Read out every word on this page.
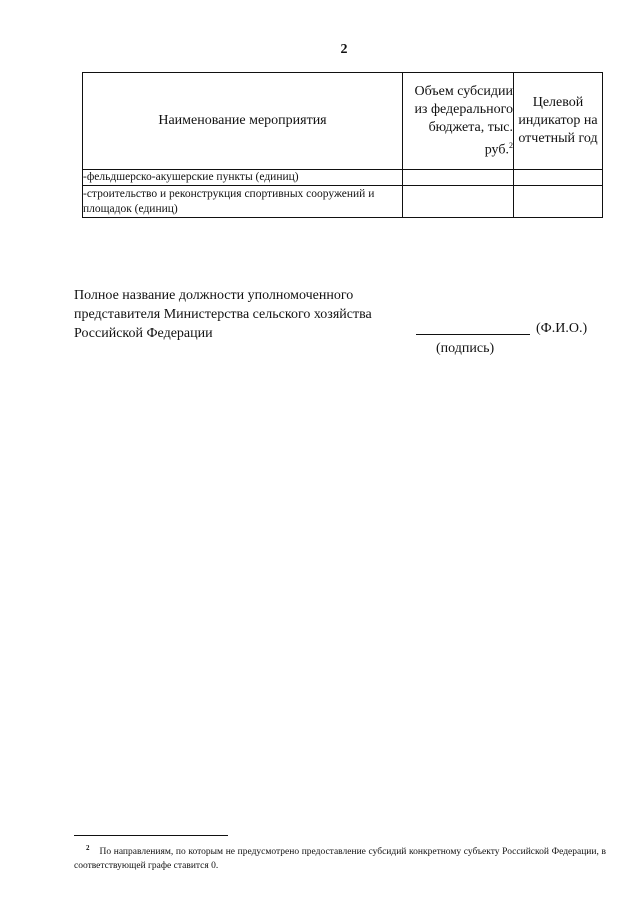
2
Наименование мероприятия	Объем субсидии из федерального бюджета, тыс. руб.$^2$	Целевой индикатор на отчетный год
-фельдшерско-акушерские пункты (единиц)		
-строительство и реконструкция спортивных сооружений и площадок (единиц)		
Полное название должности уполномоченного представителя Министерства сельского хозяйства Российской Федерации	(Ф.И.О.)
(подпись)
$^2$ По направлениям, по которым не предусмотрено предоставление субсидий конкретному субъекту Российской Федерации, в соответствующей графе ставится 0.
